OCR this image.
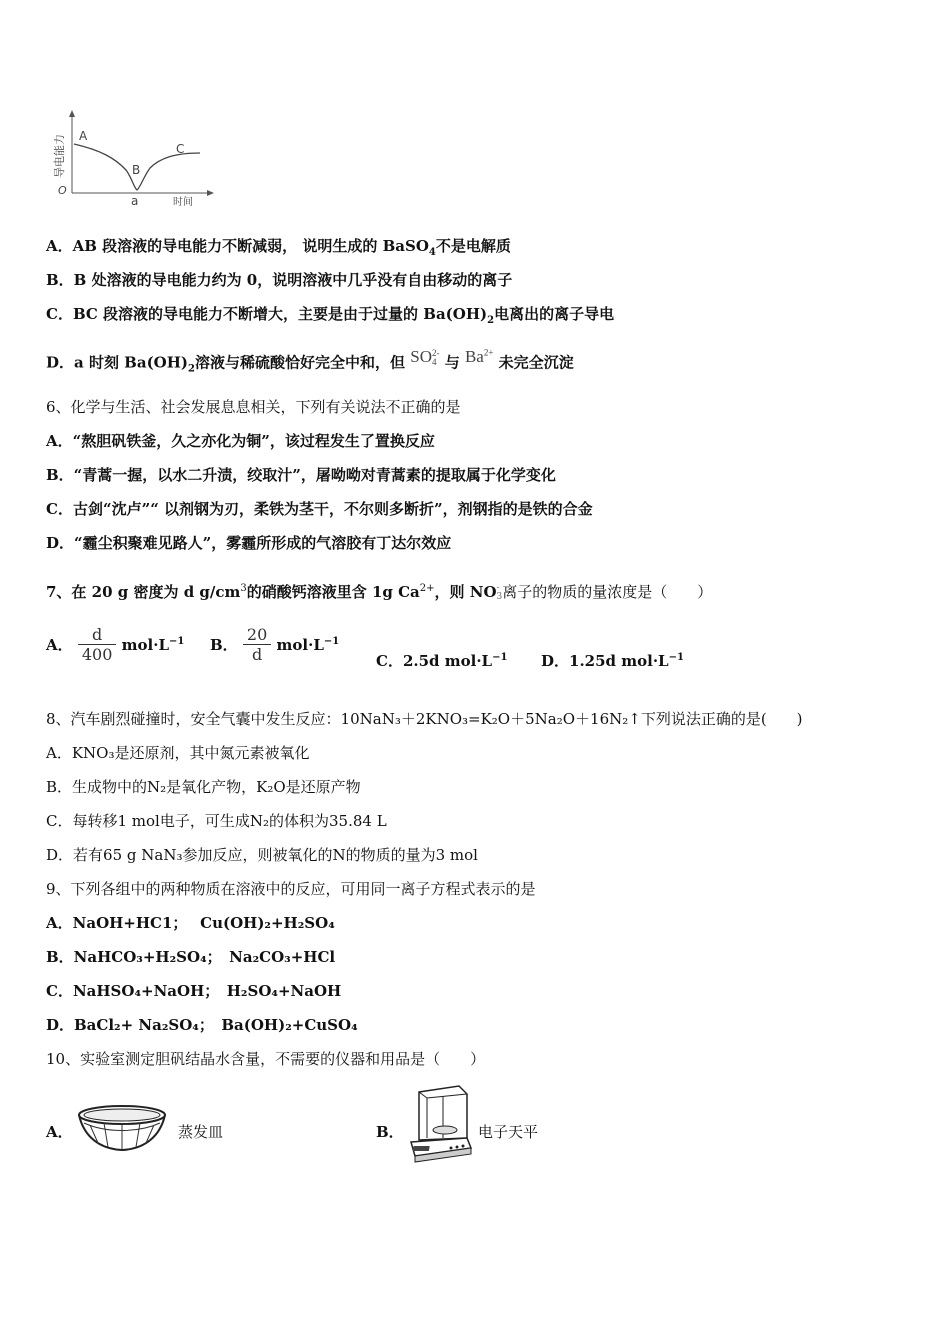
导电能力
O
A
B
C
a	时间
A．AB 段溶液的导电能力不断减弱， 说明生成的 BaSO$_4$不是电解质
B．B 处溶液的导电能力约为 0，说明溶液中几乎没有自由移动的离子
C．BC 段溶液的导电能力不断增大，主要是由于过量的 $Ba(OH)_2$电离出的离子导电
D．a 时刻 $Ba(OH)_2$溶液与稀硫酸恰好完全中和，但 SO 2-
4 与 $Ba^{2+}$ 未完全沉淀
6、化学与生活、社会发展息息相关，下列有关说法不正确的是
A．“熬胆矾铁釜，久之亦化为铜”，该过程发生了置换反应
B．“青蒿一握，以水二升渍，绞取汁”，屠呦呦对青蒿素的提取属于化学变化
C．古剑“沈卢”“ 以剂钢为刃，柔铁为茎干，不尔则多断折”，剂钢指的是铁的合金
D．“霾尘积聚难见路人”，雾霾所形成的气溶胶有丁达尔效应
7、在 20 g 密度为 d $g/cm^3$的硝酸钙溶液里含 1g $Ca^{2+}$，则 NO -
3 离子的物质的量浓度是（　　）
A． $\frac{d}{400} mol\cdot L^{-1}$ B． $\frac{20}{d} mol\cdot L^{-1}$
C．2.5d $mol\cdot L^{-1}$ D．1.25d $mol\cdot L^{-1}$
8、汽车剧烈碰撞时，安全气囊中发生反应：10NaN₃＋2KNO₃=K₂O＋5Na₂O＋16N₂↑下列说法正确的是(　　)
A．KNO₃是还原剂，其中氮元素被氧化
B．生成物中的N₂是氧化产物，K₂O是还原产物
C．每转移1 mol电子，可生成N₂的体积为35.84 L
D．若有65 g NaN₃参加反应，则被氧化的N的物质的量为3 mol
9、下列各组中的两种物质在溶液中的反应，可用同一离子方程式表示的是
A．NaOH+HC1；　 Cu(OH)₂+H₂SO₄
B．NaHCO₃+H₂SO₄；　Na₂CO₃+HCl
C．NaHSO₄+NaOH；　H₂SO₄+NaOH
D．BaCl₂+ Na₂SO₄；　Ba(OH)₂+CuSO₄
10、实验室测定胆矾结晶水含量，不需要的仪器和用品是（　　）
A．	蒸发皿	B．	电子天平
